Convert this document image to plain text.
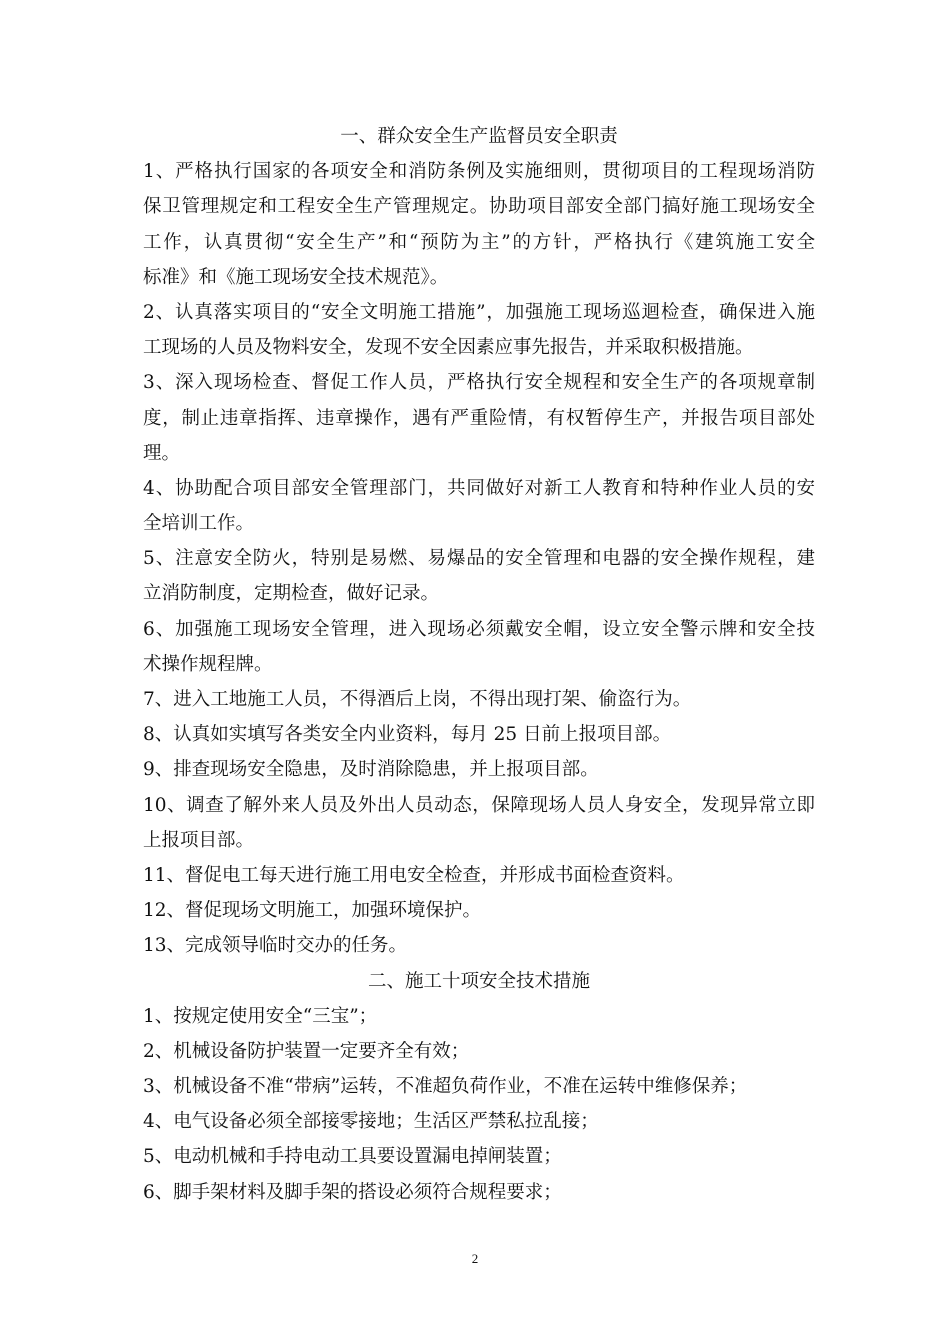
一、群众安全生产监督员安全职责
1、严格执行国家的各项安全和消防条例及实施细则，贯彻项目的工程现场消防
保卫管理规定和工程安全生产管理规定。协助项目部安全部门搞好施工现场安全
工作，认真贯彻“安全生产”和“预防为主”的方针，严格执行《建筑施工安全
标准》和《施工现场安全技术规范》。
2、认真落实项目的“安全文明施工措施”，加强施工现场巡迴检查，确保进入施
工现场的人员及物料安全，发现不安全因素应事先报告，并采取积极措施。
3、深入现场检查、督促工作人员，严格执行安全规程和安全生产的各项规章制
度，制止违章指挥、违章操作，遇有严重险情，有权暂停生产，并报告项目部处
理。
4、协助配合项目部安全管理部门，共同做好对新工人教育和特种作业人员的安
全培训工作。
5、注意安全防火，特别是易燃、易爆品的安全管理和电器的安全操作规程，建
立消防制度，定期检查，做好记录。
6、加强施工现场安全管理，进入现场必须戴安全帽，设立安全警示牌和安全技
术操作规程牌。
7、进入工地施工人员，不得酒后上岗，不得出现打架、偷盗行为。
8、认真如实填写各类安全内业资料，每月 25 日前上报项目部。
9、排查现场安全隐患，及时消除隐患，并上报项目部。
10、调查了解外来人员及外出人员动态，保障现场人员人身安全，发现异常立即
上报项目部。
11、督促电工每天进行施工用电安全检查，并形成书面检查资料。
12、督促现场文明施工，加强环境保护。
13、完成领导临时交办的任务。
二、施工十项安全技术措施
1、按规定使用安全“三宝”；
2、机械设备防护装置一定要齐全有效；
3、机械设备不准“带病”运转，不准超负荷作业，不准在运转中维修保养；
4、电气设备必须全部接零接地；生活区严禁私拉乱接；
5、电动机械和手持电动工具要设置漏电掉闸装置；
6、脚手架材料及脚手架的搭设必须符合规程要求；
2
